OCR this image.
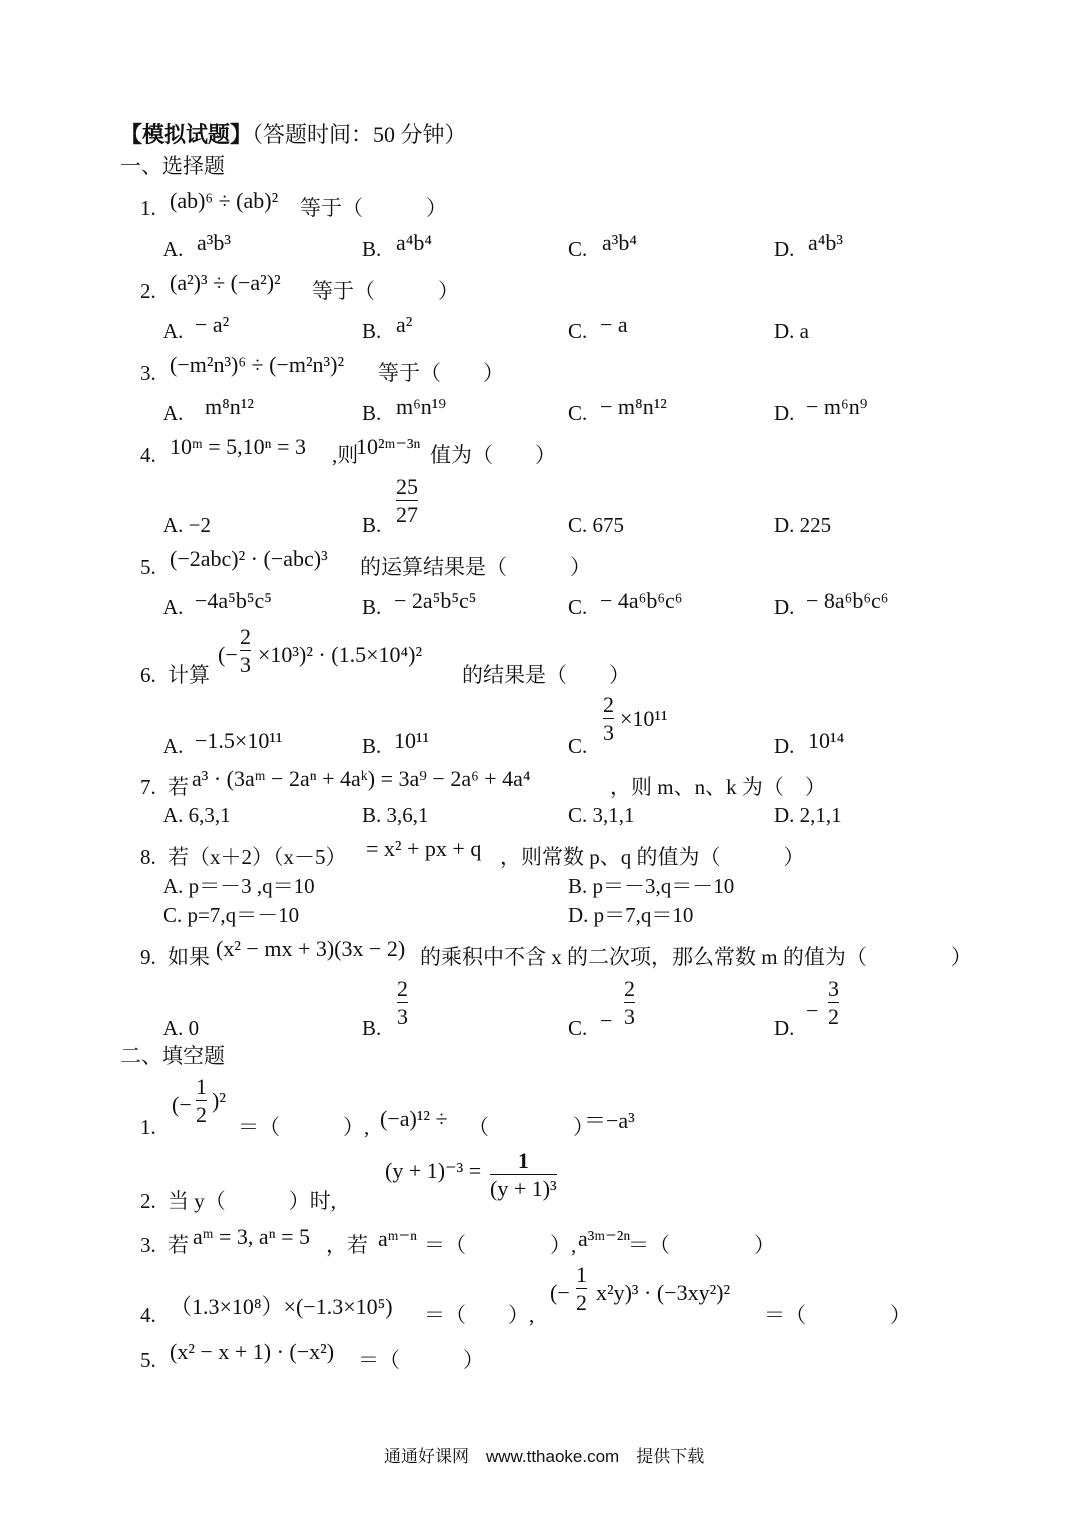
【模拟试题】（答题时间：50 分钟）
一、选择题
1. (ab)⁶ ÷ (ab)² 等于（　　　）
A. a³b³	B. a⁴b⁴	C. a³b⁴	D. a⁴b³
2. (a²)³ ÷ (−a²)² 等于（　　　）
A. − a²	B. a²	C. − a	D. a
3. (−m²n³)⁶ ÷ (−m²n³)² 等于（　　）
A. m⁸n¹²	B. m⁶n¹⁹	C. − m⁸n¹²	D. − m⁶n⁹
4. 10ᵐ = 5,10ⁿ = 3 ,则
10²ᵐ⁻³ⁿ 值为（　　）
A. −2	B.
25
27	C. 675	D. 225
5. (−2abc)² · (−abc)³ 的运算结果是（　　　）
A. −4a⁵b⁵c⁵	B. − 2a⁵b⁵c⁵	C. − 4a⁶b⁶c⁶	D. − 8a⁶b⁶c⁶
6. 计算
(−
2
3 ×10³)² · (1.5×10⁴)²
的结果是（　　）
A. −1.5×10¹¹	B. 10¹¹	C.
2
3
×10¹¹
D. 10¹⁴
7. 若 a³ · (3aᵐ − 2aⁿ + 4aᵏ) = 3a⁹ − 2a⁶ + 4a⁴	，则 m、n、k 为（　）
A. 6,3,1	B. 3,6,1	C. 3,1,1	D. 2,1,1
8. 若（x＋2）（x－5） = x² + px + q ，则常数 p、q 的值为（　　　）
A. p＝－3 ,q＝10	B. p＝－3,q＝－10
C. p=7,q＝－10	D. p＝7,q＝10
9. 如果 (x² − mx + 3)(3x − 2) 的乘积中不含 x 的二次项，那么常数 m 的值为（　　　　）
A. 0	B.
2
3	C. −
2
3	D.
−
3
2
二、填空题
1.
(−
1
2
)²
＝（　　　）, (−a)¹² ÷ （　　　　）
＝−a³
2. 当 y（　　　）时,
(y + 1)⁻³ =	1
(y + 1)³
3. 若 aᵐ = 3, aⁿ = 5 ，若 aᵐ⁻ⁿ ＝（　　　　）, a³ᵐ⁻²ⁿ
＝（　　　　）
4. （1.3×10⁸）×(−1.3×10⁵) ＝（　　）,
(−
1
2 x²y)³ · (−3xy²)²
＝（　　　　）
5. (x² − x + 1) · (−x²) ＝（　　　）
通通好课网　www.tthaoke.com　提供下载
